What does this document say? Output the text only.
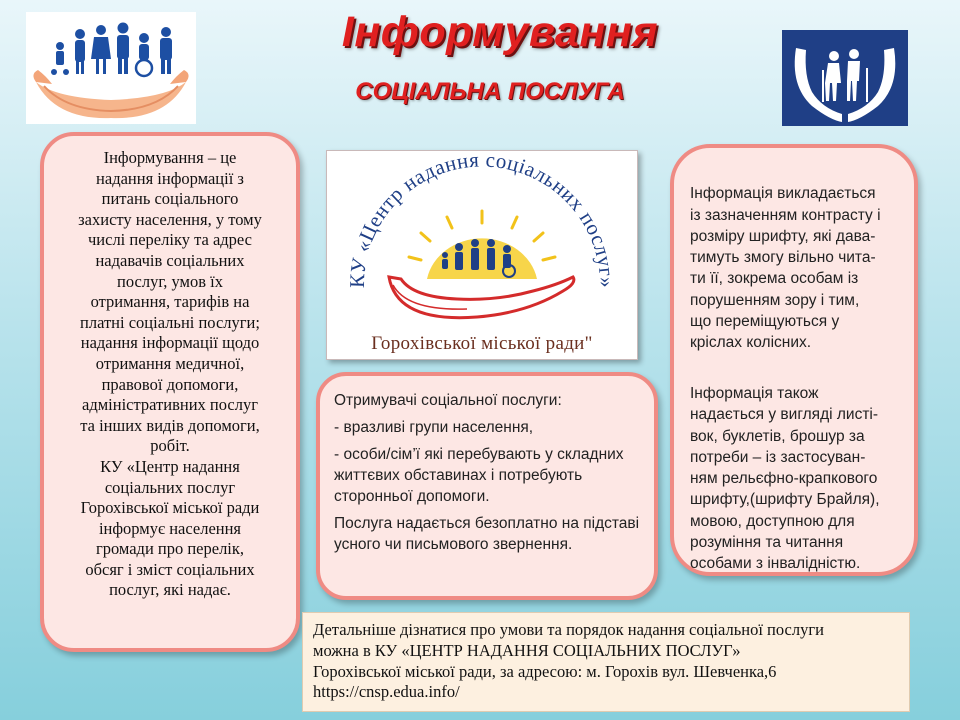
Інформування
СОЦІАЛЬНА ПОСЛУГА
Інформування – це
надання інформації з
питань соціального
захисту населення, у тому
числі переліку та адрес
надавачів соціальних
послуг, умов їх
отримання, тарифів на
платні соціальні послуги;
надання інформації щодо
отримання медичної,
правової допомоги,
адміністративних послуг
та інших видів допомоги,
робіт.
КУ «Центр надання
соціальних послуг
Горохівської міської ради
інформує населення
громади про перелік,
обсяг і зміст соціальних
послуг, які надає.
КУ «Центр надання соціальних послуг»
Горохівської міської ради"

Отримувачі соціальної послуги:

- вразливі групи населення,

- особи/сім’ї які перебувають у складних життєвих обставинах і потребують сторонньої допомоги.

Послуга надається безоплатно на підставі усного чи письмового звернення.

Інформація викладається
із зазначенням контрасту і
розміру шрифту, які дава-
тимуть змогу вільно чита-
ти її, зокрема особам із
порушенням зору і тим,
що переміщуються у
кріслах колісних.

Інформація також
надається у вигляді листі-
вок, буклетів, брошур за
потреби – із застосуван-
ням рельєфно-крапкового
шрифту,(шрифту Брайля),
мовою, доступною для
розуміння та читання
особами з інвалідністю.

Детальніше дізнатися про умови та порядок надання соціальної послуги
можна в КУ «ЦЕНТР НАДАННЯ СОЦІАЛЬНИХ ПОСЛУГ»
Горохівської міської ради, за адресою: м. Горохів вул. Шевченка,6
https://cnsp.edua.info/
